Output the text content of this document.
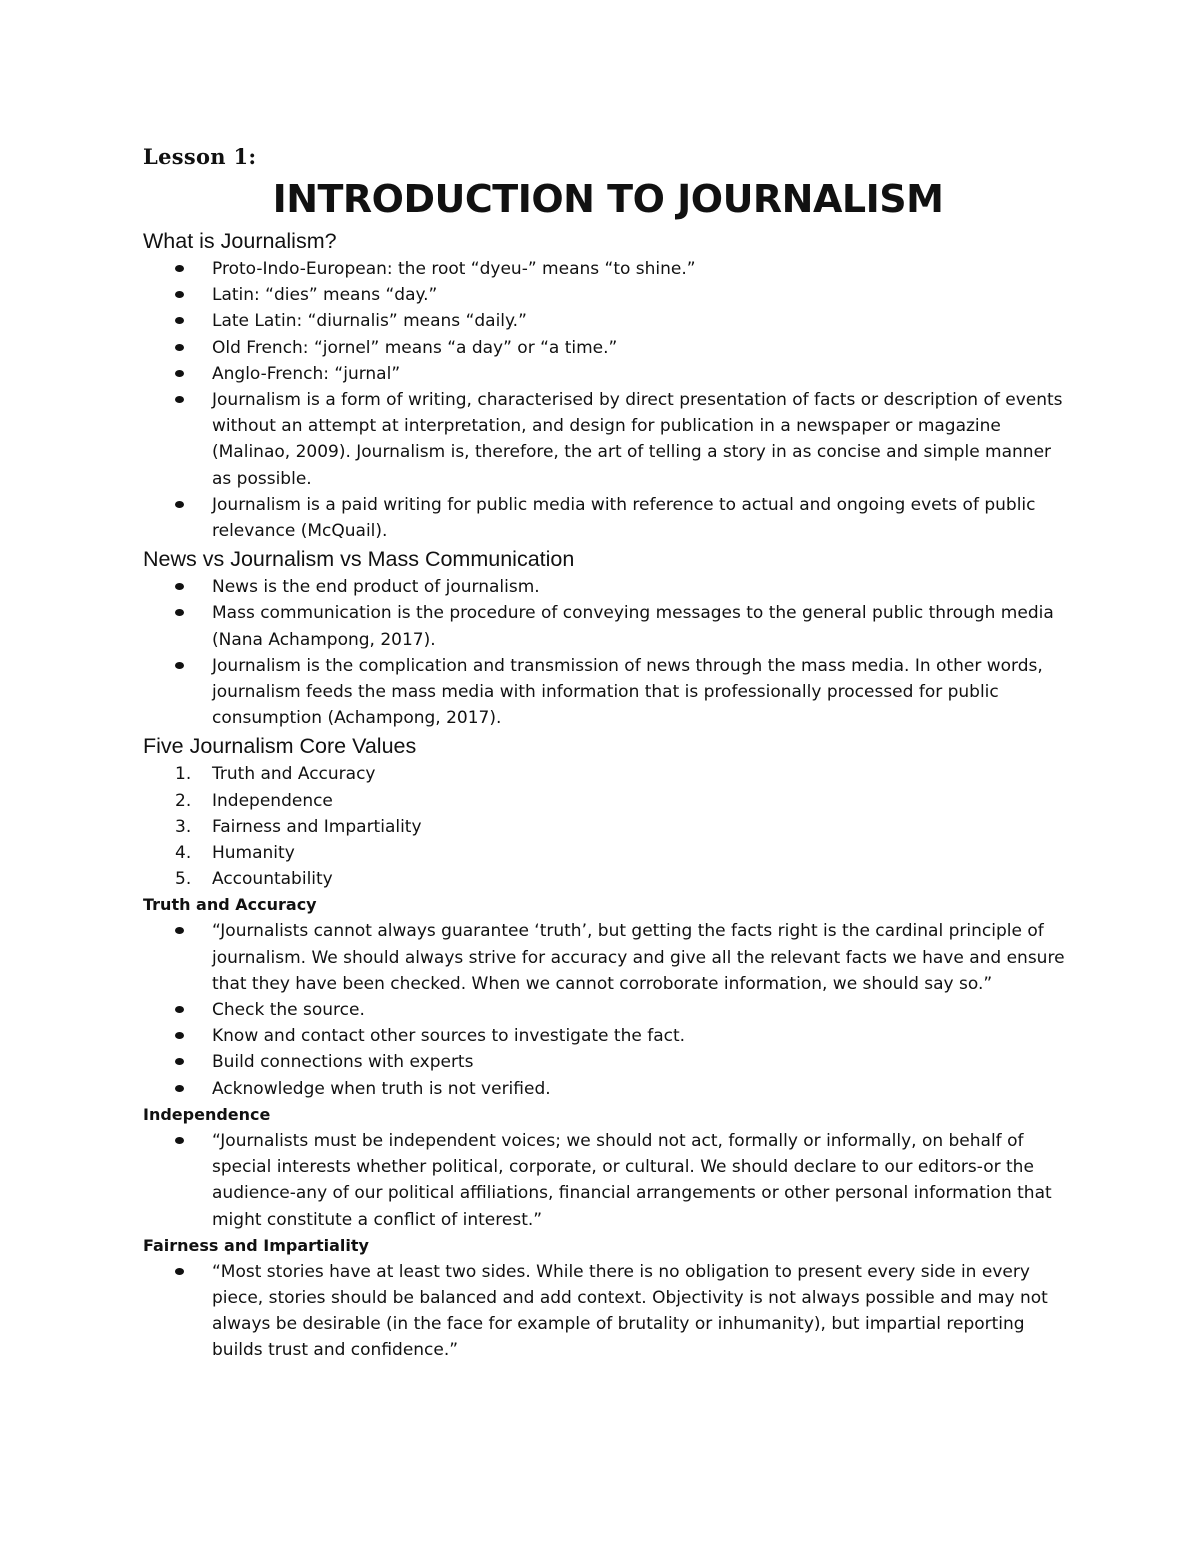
Lesson 1:
INTRODUCTION TO JOURNALISM
What is Journalism?
Proto-Indo-European: the root “dyeu-” means “to shine.”
Latin: “dies” means “day.”
Late Latin: “diurnalis” means “daily.”
Old French: “jornel” means “a day” or “a time.”
Anglo-French: “jurnal”
Journalism is a form of writing, characterised by direct presentation of facts or description of events without an attempt at interpretation, and design for publication in a newspaper or magazine (Malinao, 2009). Journalism is, therefore, the art of telling a story in as concise and simple manner as possible.
Journalism is a paid writing for public media with reference to actual and ongoing evets of public relevance (McQuail).
News vs Journalism vs Mass Communication
News is the end product of journalism.
Mass communication is the procedure of conveying messages to the general public through media (Nana Achampong, 2017).
Journalism is the complication and transmission of news through the mass media. In other words, journalism feeds the mass media with information that is professionally processed for public consumption (Achampong, 2017).
Five Journalism Core Values
1.	Truth and Accuracy
2.	Independence
3.	Fairness and Impartiality
4.	Humanity
5.	Accountability
Truth and Accuracy
“Journalists cannot always guarantee ‘truth’, but getting the facts right is the cardinal principle of journalism. We should always strive for accuracy and give all the relevant facts we have and ensure that they have been checked. When we cannot corroborate information, we should say so.”
Check the source.
Know and contact other sources to investigate the fact.
Build connections with experts
Acknowledge when truth is not verified.
Independence
“Journalists must be independent voices; we should not act, formally or informally, on behalf of special interests whether political, corporate, or cultural. We should declare to our editors-or the audience-any of our political affiliations, financial arrangements or other personal information that might constitute a conflict of interest.”
Fairness and Impartiality
“Most stories have at least two sides. While there is no obligation to present every side in every piece, stories should be balanced and add context. Objectivity is not always possible and may not always be desirable (in the face for example of brutality or inhumanity), but impartial reporting builds trust and confidence.”
